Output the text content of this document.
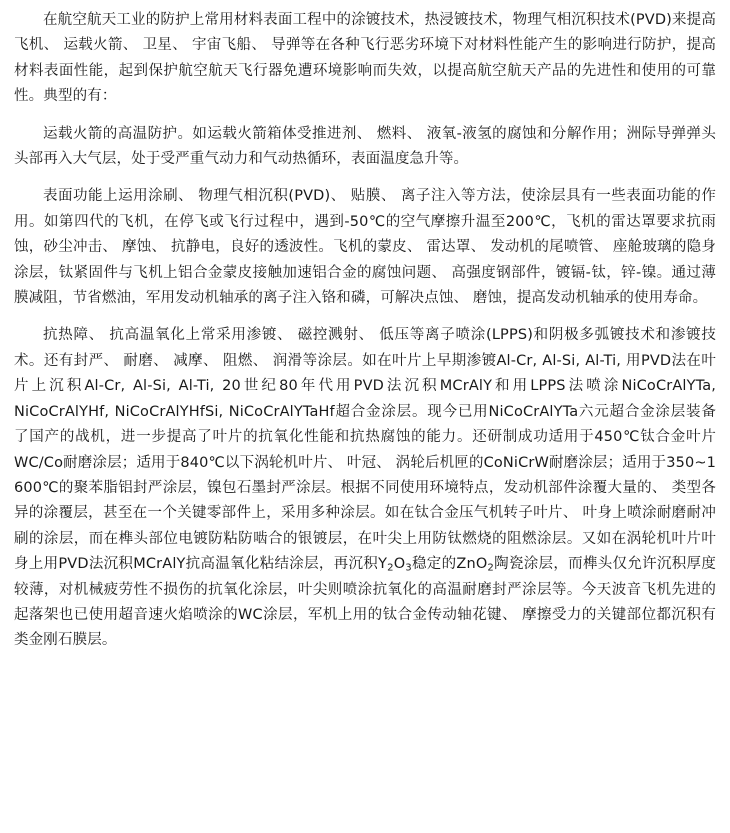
在航空航天工业的防护上常用材料表面工程中的涂镀技术，热浸镀技术，物理气相沉积技术(PVD)来提高飞机、 运载火箭、 卫星、 宇宙飞船、 导弹等在各种飞行恶劣环境下对材料性能产生的影响进行防护，提高材料表面性能，起到保护航空航天飞行器免遭环境影响而失效，以提高航空航天产品的先进性和使用的可靠性。典型的有：

运载火箭的高温防护。如运载火箭箱体受推进剂、 燃料、 液氧-液氢的腐蚀和分解作用；洲际导弹弹头头部再入大气层，处于受严重气动力和气动热循环，表面温度急升等。

表面功能上运用涂刷、 物理气相沉积(PVD)、 贴膜、 离子注入等方法，使涂层具有一些表面功能的作用。如第四代的飞机，在停飞或飞行过程中，遇到-50℃的空气摩擦升温至200℃，飞机的雷达罩要求抗雨蚀，砂尘冲击、 摩蚀、 抗静电，良好的透波性。飞机的蒙皮、 雷达罩、 发动机的尾喷管、 座舱玻璃的隐身涂层，钛紧固件与飞机上铝合金蒙皮接触加速铝合金的腐蚀问题、 高强度钢部件，镀镉-钛，锌-镍。通过薄膜减阻，节省燃油，军用发动机轴承的离子注入铬和磷，可解决点蚀、 磨蚀，提高发动机轴承的使用寿命。

抗热障、 抗高温氧化上常采用渗镀、 磁控溅射、 低压等离子喷涂(LPPS)和阴极多弧镀技术和渗镀技术。还有封严、 耐磨、 减摩、 阻燃、 润滑等涂层。如在叶片上早期渗镀Al-Cr, Al-Si, Al-Ti, 用PVD法在叶片上沉积Al-Cr, Al-Si, Al-Ti, 20世纪80年代用PVD法沉积MCrAlY和用LPPS法喷涂NiCoCrAlYTa, NiCoCrAlYHf, NiCoCrAlYHfSi, NiCoCrAlYTaHf超合金涂层。现今已用NiCoCrAlYTa六元超合金涂层装备了国产的战机，进一步提高了叶片的抗氧化性能和抗热腐蚀的能力。还研制成功适用于450℃钛合金叶片WC/Co耐磨涂层；适用于840℃以下涡轮机叶片、 叶冠、 涡轮后机匣的CoNiCrW耐磨涂层；适用于350~1 600℃的聚苯脂铝封严涂层，镍包石墨封严涂层。根据不同使用环境特点，发动机部件涂覆大量的、 类型各异的涂覆层，甚至在一个关键零部件上，采用多种涂层。如在钛合金压气机转子叶片、 叶身上喷涂耐磨耐冲刷的涂层，而在榫头部位电镀防粘防啮合的银镀层，在叶尖上用防钛燃烧的阻燃涂层。又如在涡轮机叶片叶身上用PVD法沉积MCrAlY抗高温氧化粘结涂层，再沉积$Y_2O_3$稳定的ZnO$_2$陶瓷涂层，而榫头仅允许沉积厚度较薄，对机械疲劳性不损伤的抗氧化涂层，叶尖则喷涂抗氧化的高温耐磨封严涂层等。今天波音飞机先进的起落架也已使用超音速火焰喷涂的WC涂层，军机上用的钛合金传动轴花键、 摩擦受力的关键部位都沉积有类金刚石膜层。
